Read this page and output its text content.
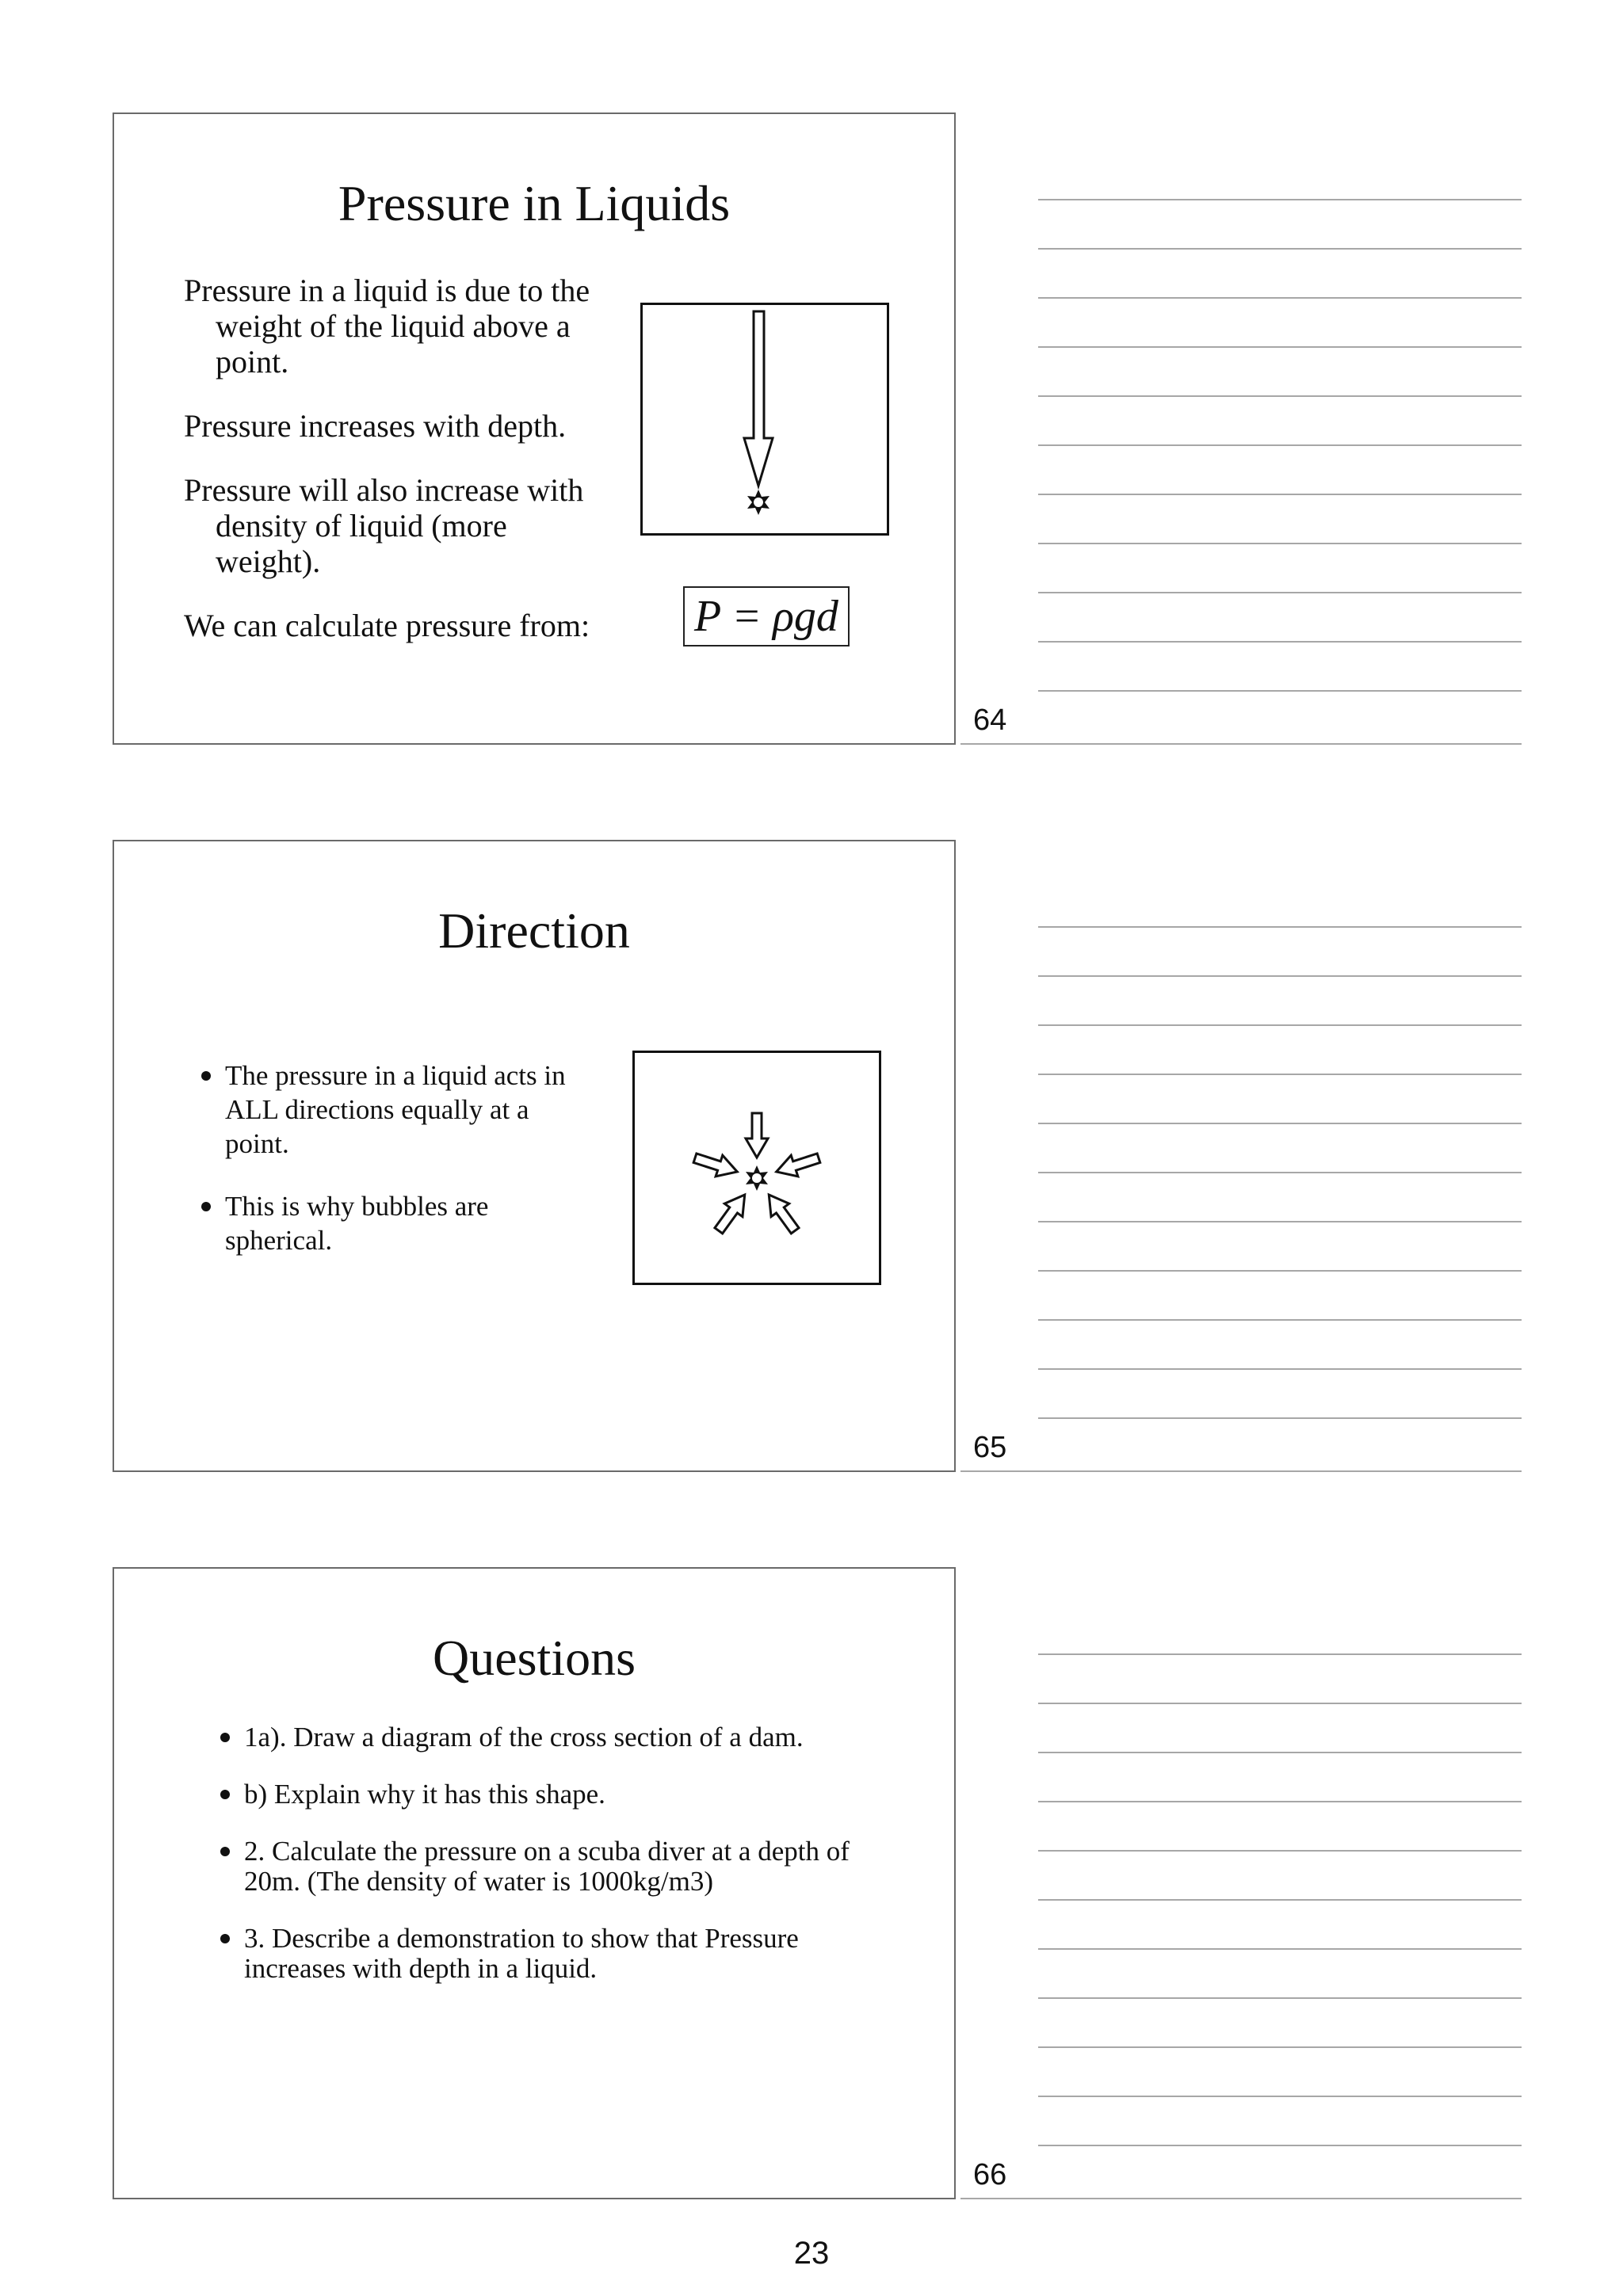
Pressure in Liquids

Pressure in a liquid is due to the weight of the liquid above a point.

Pressure increases with depth.

Pressure will also increase with density of liquid (more weight).

We can calculate pressure from: P = ρgd
64
Direction
The pressure in a liquid acts in ALL directions equally at a point.
This is why bubbles are spherical.
65
Questions
1a). Draw a diagram of the cross section of a dam.
b) Explain why it has this shape.
2. Calculate the pressure on a scuba diver at a depth of 20m. (The density of water is 1000kg/m3)
3. Describe a demonstration to show that Pressure increases with depth in a liquid.
66
23
